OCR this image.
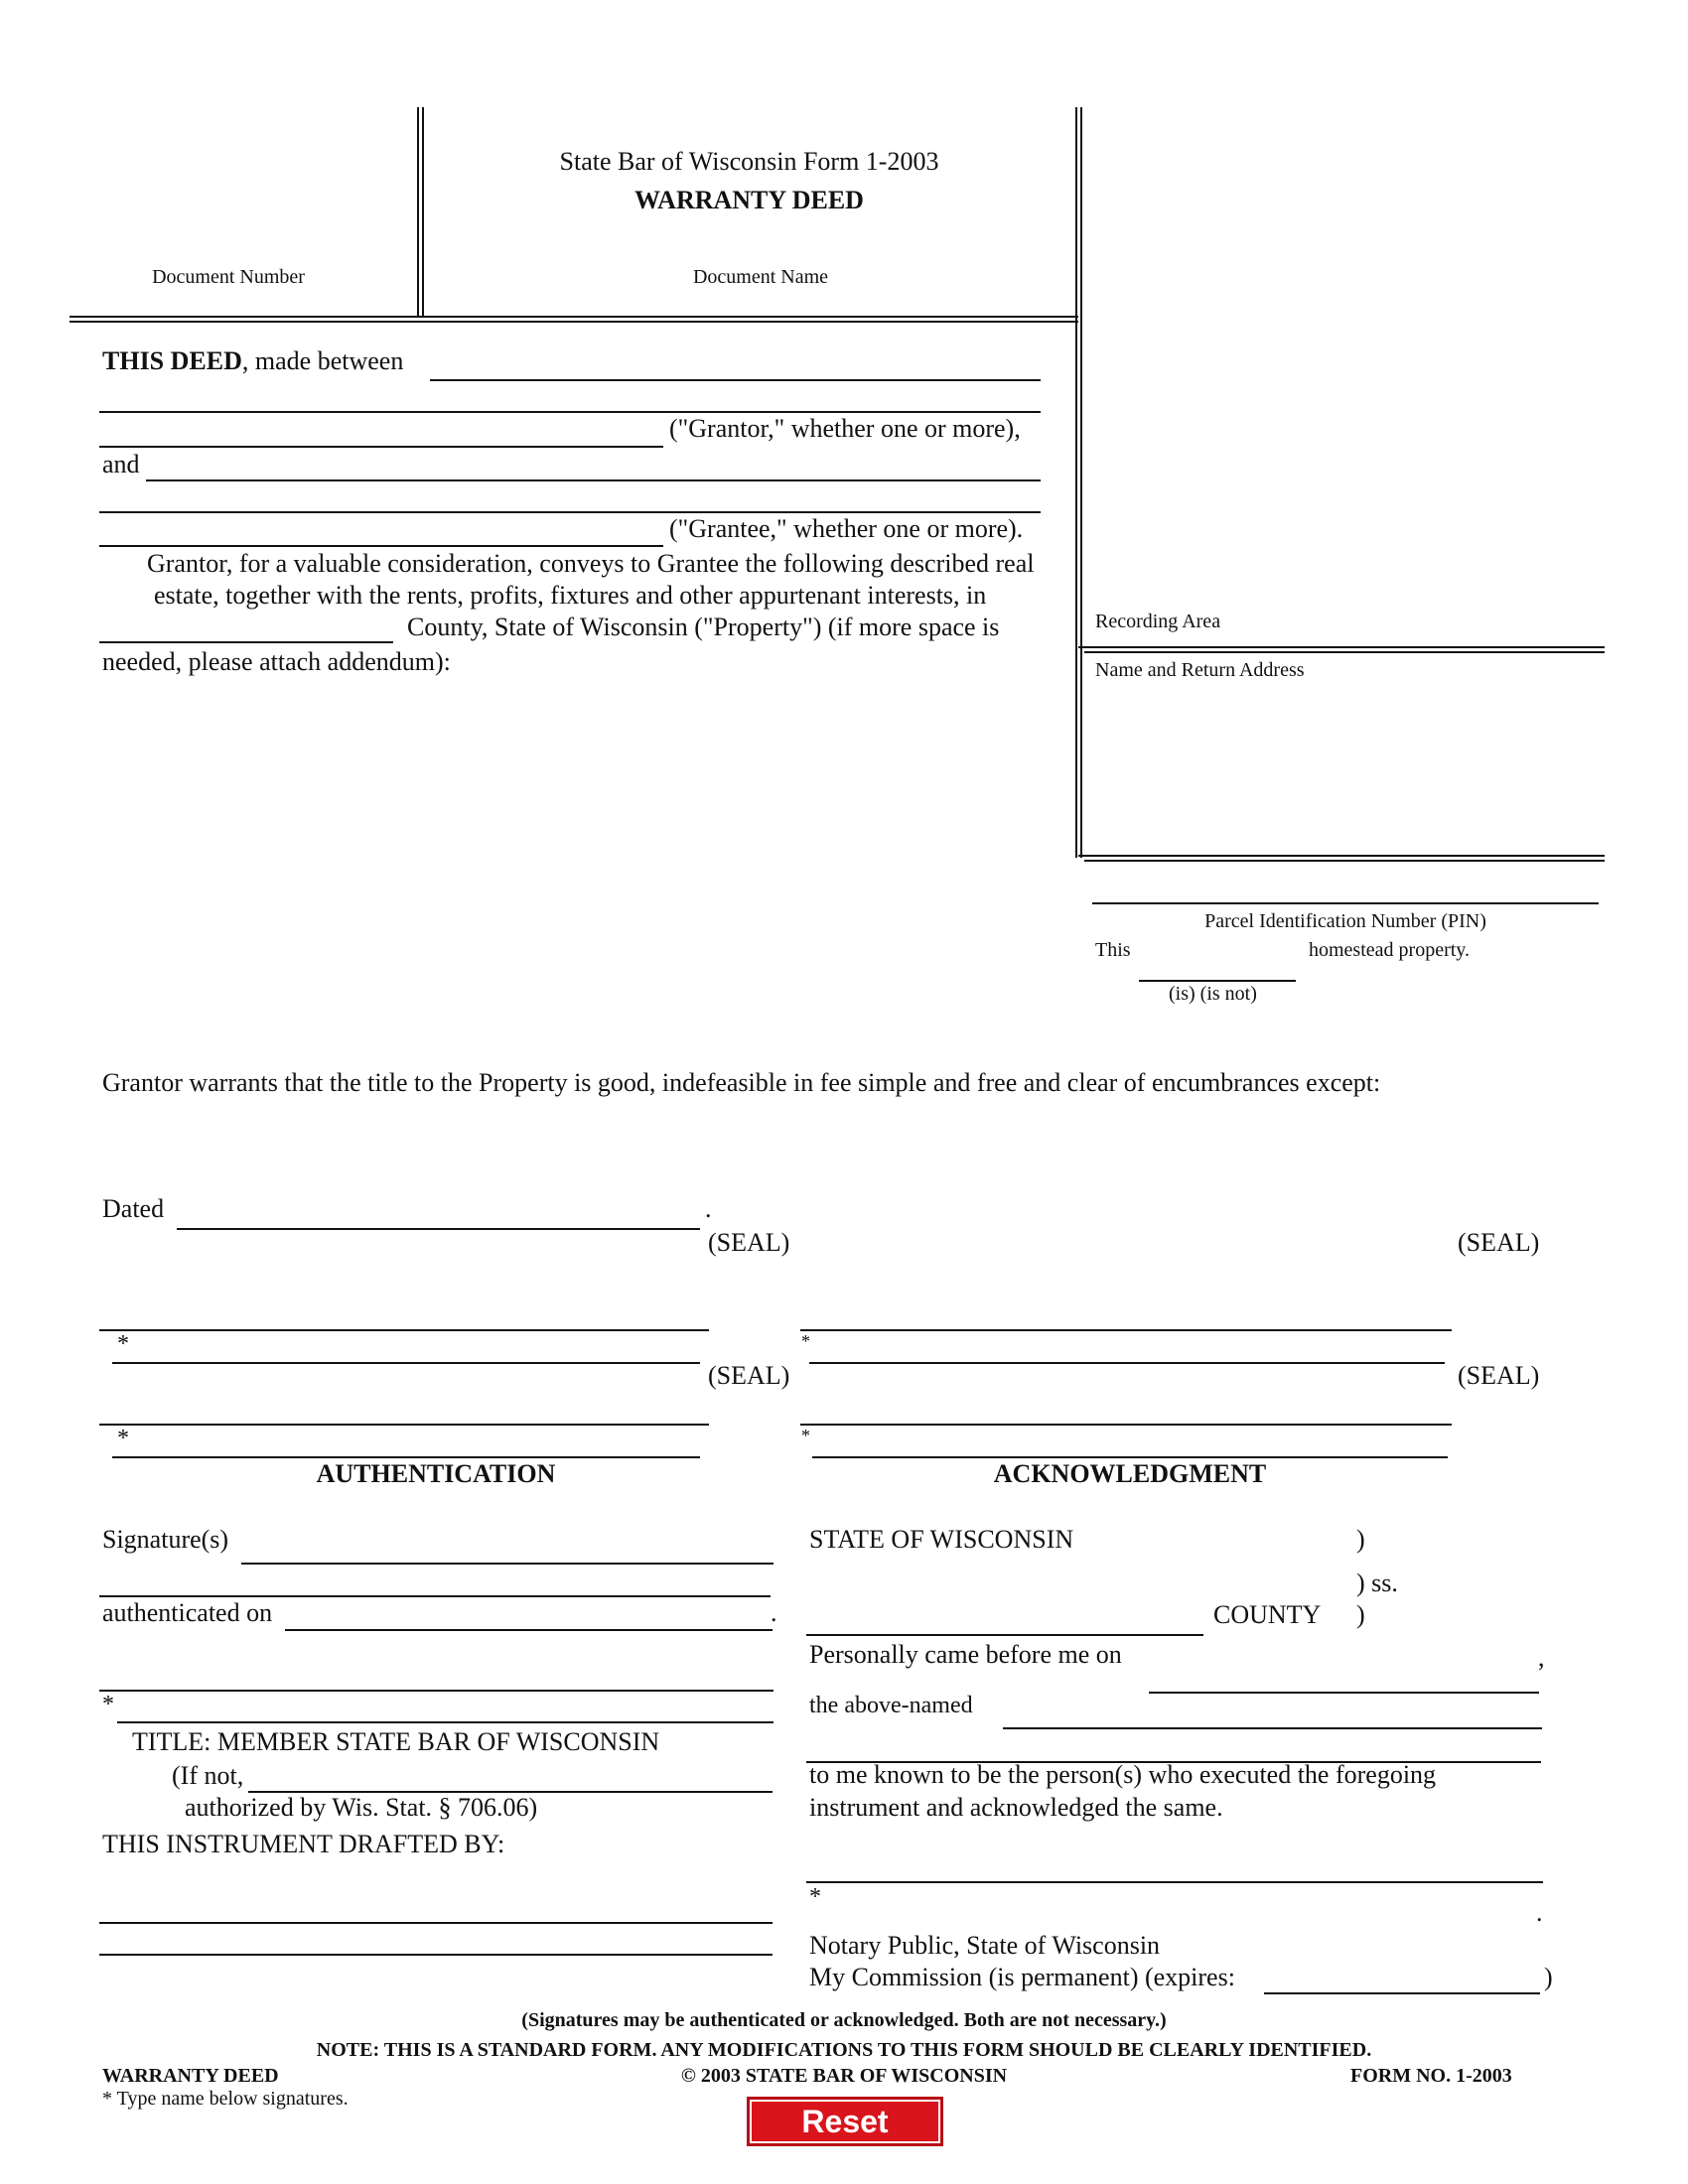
State Bar of Wisconsin Form 1-2003
WARRANTY DEED
Document Number	Document Name
Recording Area
Name and Return Address
Parcel Identification Number (PIN)
This	homestead property.
(is) (is not)
THIS DEED, made between
("Grantor," whether one or more),
and
("Grantee," whether one or more).
Grantor, for a valuable consideration, conveys to Grantee the following described real
estate, together with the rents, profits, fixtures and other appurtenant interests, in
County, State of Wisconsin ("Property") (if more space is
needed, please attach addendum):
Grantor warrants that the title to the Property is good, indefeasible in fee simple and free and clear of encumbrances except:
Dated	.
(SEAL)	(SEAL)
*	*
(SEAL)	(SEAL)
*	*
AUTHENTICATION
Signature(s)
authenticated on	.
*
TITLE: MEMBER STATE BAR OF WISCONSIN
(If not,
authorized by Wis. Stat. § 706.06)
THIS INSTRUMENT DRAFTED BY:
ACKNOWLEDGMENT
STATE OF WISCONSIN	)
) ss.
COUNTY )
Personally came before me on	,
the above-named
to me known to be the person(s) who executed the foregoing
instrument and acknowledged the same.
*
.
Notary Public, State of Wisconsin
My Commission (is permanent) (expires:	)
(Signatures may be authenticated or acknowledged. Both are not necessary.)
NOTE: THIS IS A STANDARD FORM. ANY MODIFICATIONS TO THIS FORM SHOULD BE CLEARLY IDENTIFIED.
WARRANTY DEED	© 2003 STATE BAR OF WISCONSIN	FORM NO. 1-2003
* Type name below signatures.
Reset
